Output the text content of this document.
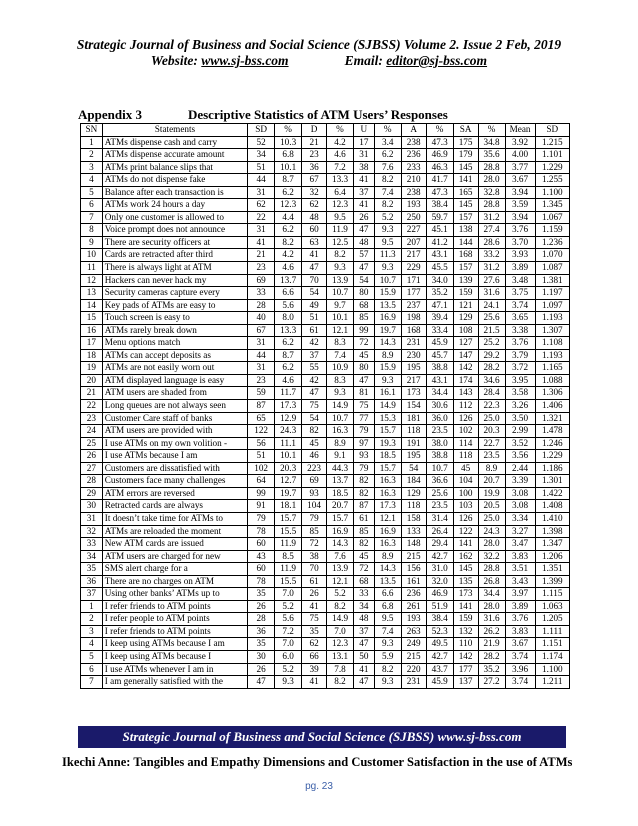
Strategic Journal of Business and Social Science (SJBSS) Volume 2. Issue 2 Feb, 2019
Website: www.sj-bss.com	Email: editor@sj-bss.com
Appendix 3	Descriptive Statistics of ATM Users’ Responses
SN	Statements	SD	%	D	%	U	%	A	%	SA	%	Mean	SD
1	ATMs dispense cash and carry	52	10.3	21	4.2	17	3.4	238	47.3	175	34.8	3.92	1.215
2	ATMs dispense accurate amount	34	6.8	23	4.6	31	6.2	236	46.9	179	35.6	4.00	1.101
3	ATMs print balance slips that	51	10.1	36	7.2	38	7.6	233	46.3	145	28.8	3.77	1.229
4	ATMs do not dispense fake	44	8.7	67	13.3	41	8.2	210	41.7	141	28.0	3.67	1.255
5	Balance after each transaction is	31	6.2	32	6.4	37	7.4	238	47.3	165	32.8	3.94	1.100
6	ATMs work 24 hours a day	62	12.3	62	12.3	41	8.2	193	38.4	145	28.8	3.59	1.345
7	Only one customer is allowed to	22	4.4	48	9.5	26	5.2	250	59.7	157	31.2	3.94	1.067
8	Voice prompt does not announce	31	6.2	60	11.9	47	9.3	227	45.1	138	27.4	3.76	1.159
9	There are security officers at	41	8.2	63	12.5	48	9.5	207	41.2	144	28.6	3.70	1.236
10	Cards are retracted after third	21	4.2	41	8.2	57	11.3	217	43.1	168	33.2	3.93	1.070
11	There is always light at ATM	23	4.6	47	9.3	47	9.3	229	45.5	157	31.2	3.89	1.087
12	Hackers can never hack my	69	13.7	70	13.9	54	10.7	171	34.0	139	27.6	3.48	1.381
13	Security cameras capture every	33	6.6	54	10.7	80	15.9	177	35.2	159	31.6	3.75	1.197
14	Key pads of ATMs are easy to	28	5.6	49	9.7	68	13.5	237	47.1	121	24.1	3.74	1.097
15	Touch screen is easy to	40	8.0	51	10.1	85	16.9	198	39.4	129	25.6	3.65	1.193
16	ATMs rarely break down	67	13.3	61	12.1	99	19.7	168	33.4	108	21.5	3.38	1.307
17	Menu options match	31	6.2	42	8.3	72	14.3	231	45.9	127	25.2	3.76	1.108
18	ATMs can accept deposits as	44	8.7	37	7.4	45	8.9	230	45.7	147	29.2	3.79	1.193
19	ATMs are not easily worn out	31	6.2	55	10.9	80	15.9	195	38.8	142	28.2	3.72	1.165
20	ATM displayed language is easy	23	4.6	42	8.3	47	9.3	217	43.1	174	34.6	3.95	1.088
21	ATM users are shaded from	59	11.7	47	9.3	81	16.1	173	34.4	143	28.4	3.58	1.306
22	Long queues are not always seen	87	17.3	75	14.9	75	14.9	154	30.6	112	22.3	3.26	1.406
23	Customer Care staff of banks	65	12.9	54	10.7	77	15.3	181	36.0	126	25.0	3.50	1.321
24	ATM users are provided with	122	24.3	82	16.3	79	15.7	118	23.5	102	20.3	2.99	1.478
25	I use ATMs on my own volition -	56	11.1	45	8.9	97	19.3	191	38.0	114	22.7	3.52	1.246
26	I use ATMs because I am	51	10.1	46	9.1	93	18.5	195	38.8	118	23.5	3.56	1.229
27	Customers are dissatisfied with	102	20.3	223	44.3	79	15.7	54	10.7	45	8.9	2.44	1.186
28	Customers face many challenges	64	12.7	69	13.7	82	16.3	184	36.6	104	20.7	3.39	1.301
29	ATM errors are reversed	99	19.7	93	18.5	82	16.3	129	25.6	100	19.9	3.08	1.422
30	Retracted cards are always	91	18.1	104	20.7	87	17.3	118	23.5	103	20.5	3.08	1.408
31	It doesn’t take time for ATMs to	79	15.7	79	15.7	61	12.1	158	31.4	126	25.0	3.34	1.410
32	ATMs are reloaded the moment	78	15.5	85	16.9	85	16.9	133	26.4	122	24.3	3.27	1.398
33	New ATM cards are issued	60	11.9	72	14.3	82	16.3	148	29.4	141	28.0	3.47	1.347
34	ATM users are charged for new	43	8.5	38	7.6	45	8.9	215	42.7	162	32.2	3.83	1.206
35	SMS alert charge for a	60	11.9	70	13.9	72	14.3	156	31.0	145	28.8	3.51	1.351
36	There are no charges on ATM	78	15.5	61	12.1	68	13.5	161	32.0	135	26.8	3.43	1.399
37	Using other banks’ ATMs up to	35	7.0	26	5.2	33	6.6	236	46.9	173	34.4	3.97	1.115
1	I refer friends to ATM points	26	5.2	41	8.2	34	6.8	261	51.9	141	28.0	3.89	1.063
2	I refer people to ATM points	28	5.6	75	14.9	48	9.5	193	38.4	159	31.6	3.76	1.205
3	I refer friends to ATM points	36	7.2	35	7.0	37	7.4	263	52.3	132	26.2	3.83	1.111
4	I keep using ATMs because I am	35	7.0	62	12.3	47	9.3	249	49.5	110	21.9	3.67	1.151
5	I keep using ATMs because I	30	6.0	66	13.1	50	5.9	215	42.7	142	28.2	3.74	1.174
6	I use ATMs whenever I am in	26	5.2	39	7.8	41	8.2	220	43.7	177	35.2	3.96	1.100
7	I am generally satisfied with the	47	9.3	41	8.2	47	9.3	231	45.9	137	27.2	3.74	1.211
Strategic Journal of Business and Social Science (SJBSS) www.sj-bss.com
Ikechi Anne: Tangibles and Empathy Dimensions and Customer Satisfaction in the use of ATMs
pg. 23
